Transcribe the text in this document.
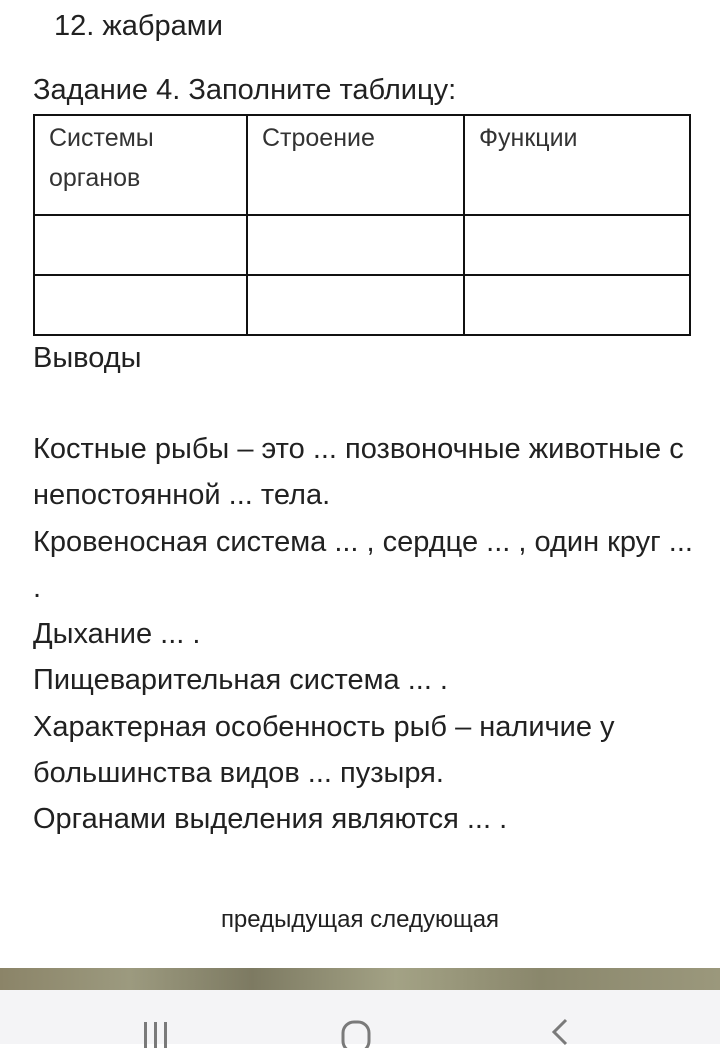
12. жабрами
Задание 4. Заполните таблицу:
Системы органов	Строение	Функции

Выводы

Костные рыбы – это ... позвоночные животные с непостоянной ... тела.

Кровеносная система ... , сердце ... , один круг ... .

Дыхание ... .

Пищеварительная система ... .

Характерная особенность рыб – наличие у большинства видов ... пузыря.

Органами выделения являются ... .

предыдущая следующая
